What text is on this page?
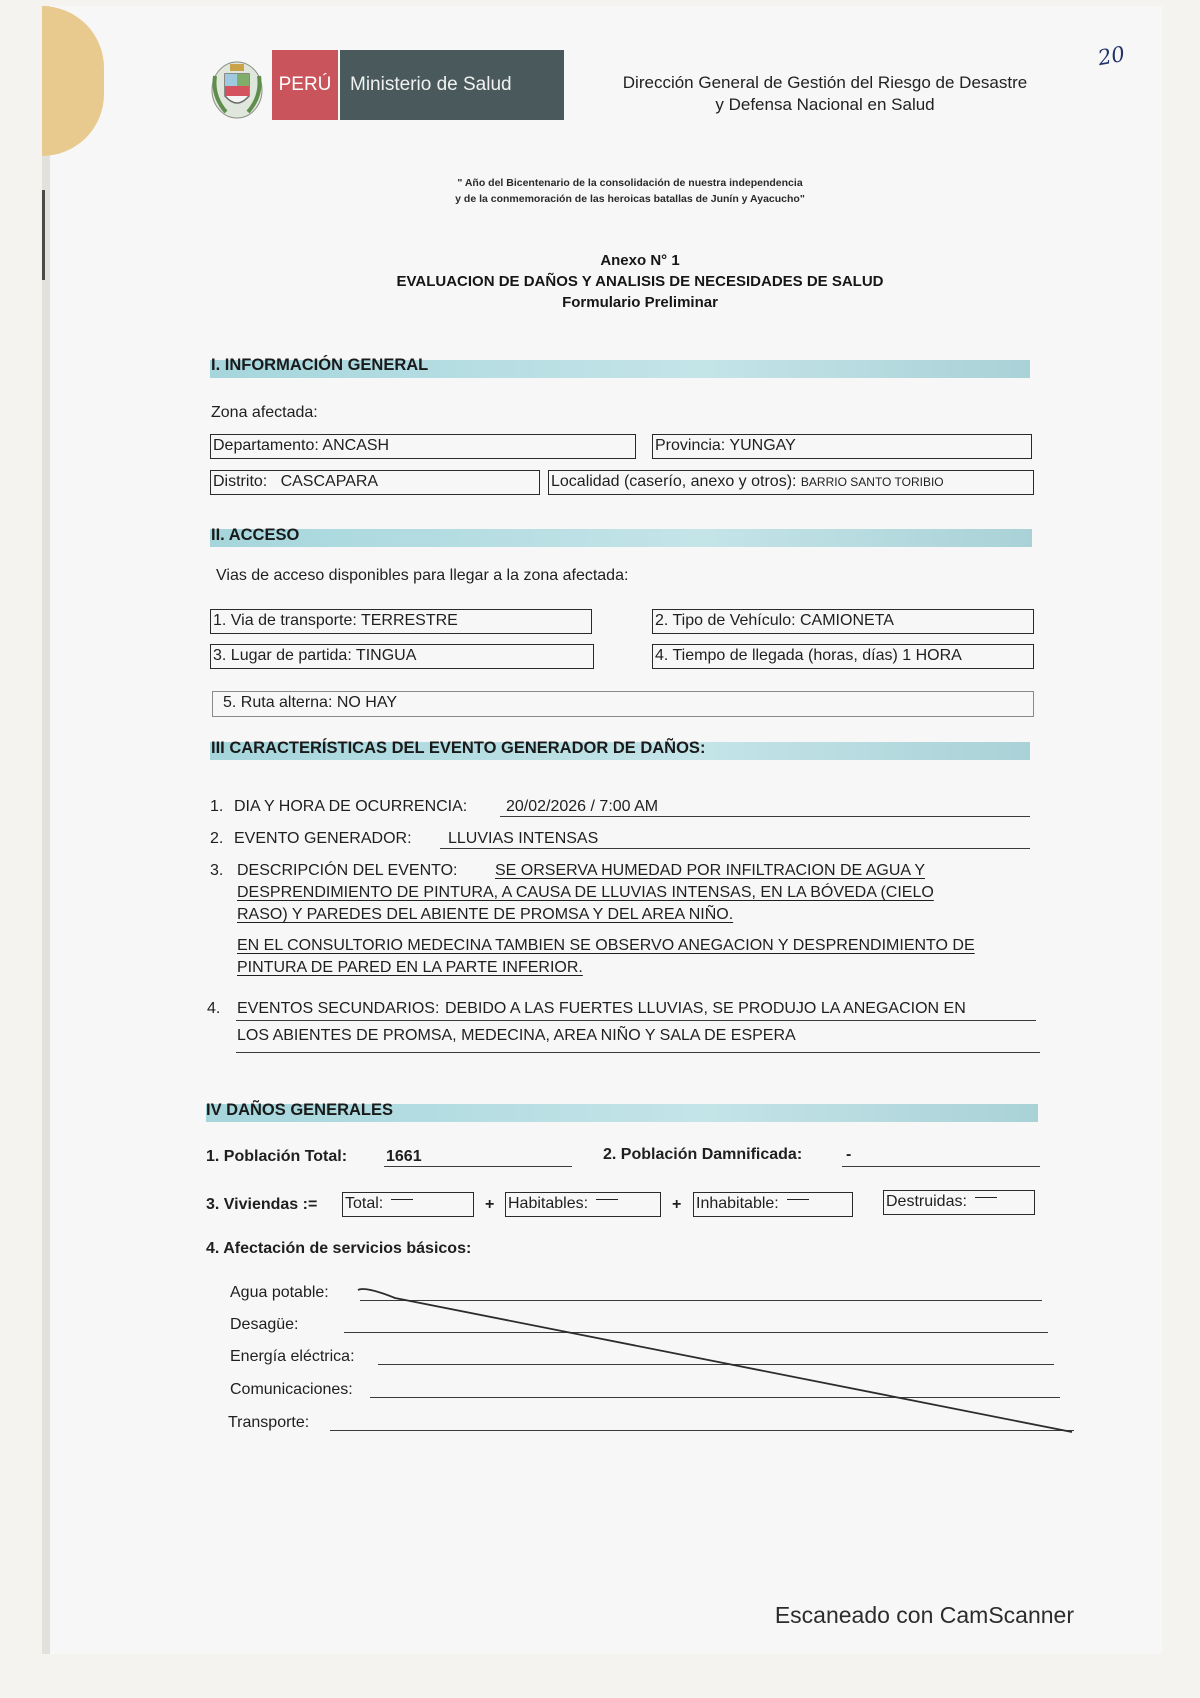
20
PERÚ Ministerio de Salud	Dirección General de Gestión del Riesgo de Desastre
y Defensa Nacional en Salud
" Año del Bicentenario de la consolidación de nuestra independencia
y de la conmemoración de las heroicas batallas de Junín y Ayacucho"
Anexo N° 1
EVALUACION DE DAÑOS Y ANALISIS DE NECESIDADES DE SALUD
Formulario Preliminar
I. INFORMACIÓN GENERAL
Zona afectada:
Departamento: ANCASH	Provincia: YUNGAY
Distrito: CASCAPARA	Localidad (caserío, anexo y otros): BARRIO SANTO TORIBIO
II. ACCESO
Vias de acceso disponibles para llegar a la zona afectada:
1. Via de transporte: TERRESTRE	2. Tipo de Vehículo: CAMIONETA
3. Lugar de partida: TINGUA	4. Tiempo de llegada (horas, días) 1 HORA
5. Ruta alterna: NO HAY
III CARACTERÍSTICAS DEL EVENTO GENERADOR DE DAÑOS:
1. DIA Y HORA DE OCURRENCIA: 20/02/2026 / 7:00 AM
2. EVENTO GENERADOR: LLUVIAS INTENSAS
3. DESCRIPCIÓN DEL EVENTO: SE ORSERVA HUMEDAD POR INFILTRACION DE AGUA Y
DESPRENDIMIENTO DE PINTURA, A CAUSA DE LLUVIAS INTENSAS, EN LA BÓVEDA (CIELO
RASO) Y PAREDES DEL ABIENTE DE PROMSA Y DEL AREA NIÑO.
EN EL CONSULTORIO MEDECINA TAMBIEN SE OBSERVO ANEGACION Y DESPRENDIMIENTO DE
PINTURA DE PARED EN LA PARTE INFERIOR.
4. EVENTOS SECUNDARIOS: DEBIDO A LAS FUERTES LLUVIAS, SE PRODUJO LA ANEGACION EN
LOS ABIENTES DE PROMSA, MEDECINA, AREA NIÑO Y SALA DE ESPERA
IV DAÑOS GENERALES
1. Población Total: 1661	2. Población Damnificada:	-
3. Viviendas := Total:	+ Habitables:	+ Inhabitable:	Destruidas:
4. Afectación de servicios básicos:
Agua potable:
Desagüe:
Energía eléctrica:
Comunicaciones:
Transporte:
Escaneado con CamScanner
